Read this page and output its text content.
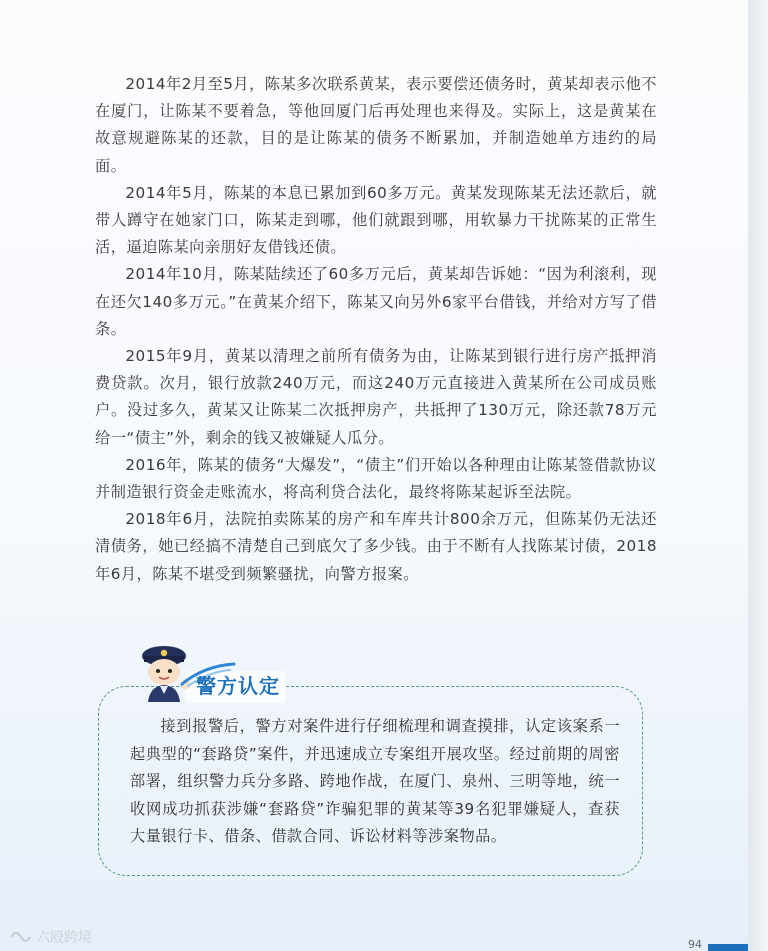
2014年2月至5月，陈某多次联系黄某，表示要偿还债务时，黄某却表示他不在厦门，让陈某不要着急，等他回厦门后再处理也来得及。实际上，这是黄某在故意规避陈某的还款，目的是让陈某的债务不断累加，并制造她单方违约的局面。

2014年5月，陈某的本息已累加到60多万元。黄某发现陈某无法还款后，就带人蹲守在她家门口，陈某走到哪，他们就跟到哪，用软暴力干扰陈某的正常生活，逼迫陈某向亲朋好友借钱还债。

2014年10月，陈某陆续还了60多万元后，黄某却告诉她：“因为利滚利，现在还欠140多万元。”在黄某介绍下，陈某又向另外6家平台借钱，并给对方写了借条。

2015年9月，黄某以清理之前所有债务为由，让陈某到银行进行房产抵押消费贷款。次月，银行放款240万元，而这240万元直接进入黄某所在公司成员账户。没过多久，黄某又让陈某二次抵押房产，共抵押了130万元，除还款78万元给一“债主”外，剩余的钱又被嫌疑人瓜分。

2016年，陈某的债务“大爆发”，“债主”们开始以各种理由让陈某签借款协议并制造银行资金走账流水，将高利贷合法化，最终将陈某起诉至法院。

2018年6月，法院拍卖陈某的房产和车库共计800余万元，但陈某仍无法还清债务，她已经搞不清楚自己到底欠了多少钱。由于不断有人找陈某讨债，2018年6月，陈某不堪受到频繁骚扰，向警方报案。

警方认定

接到报警后，警方对案件进行仔细梳理和调查摸排，认定该案系一起典型的“套路贷”案件，并迅速成立专案组开展攻坚。经过前期的周密部署，组织警力兵分多路、跨地作战，在厦门、泉州、三明等地，统一收网成功抓获涉嫌“套路贷”诈骗犯罪的黄某等39名犯罪嫌疑人，查获大量银行卡、借条、借款合同、诉讼材料等涉案物品。

六殴跨境	94
